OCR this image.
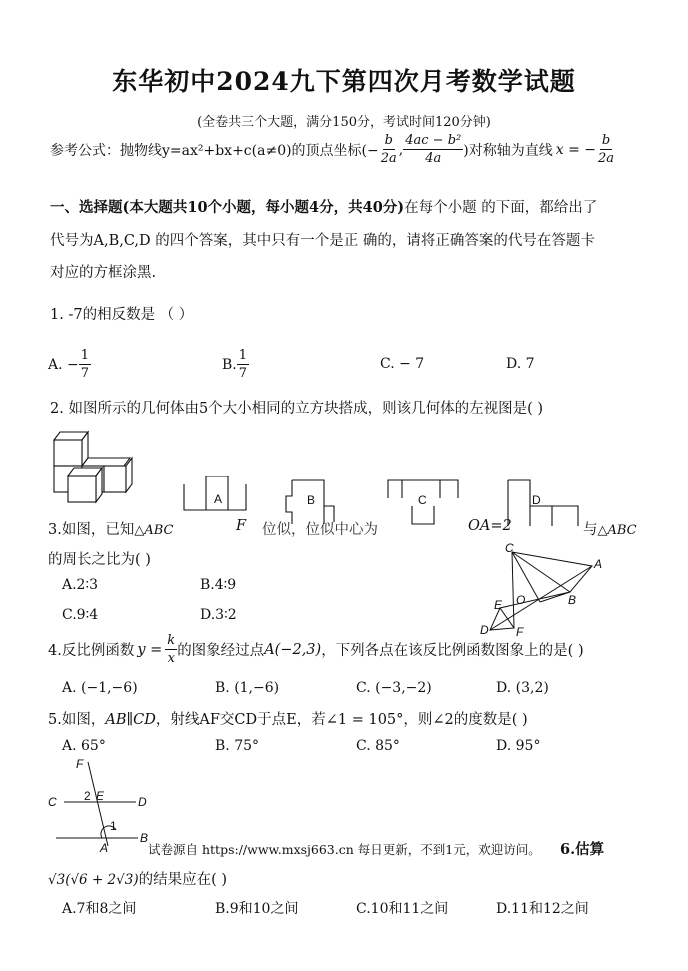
东华初中2024九下第四次月考数学试题
(全卷共三个大题，满分150分，考试时间120分钟)
参考公式： 抛物线y=ax²+bx+c(a≠0)的顶点坐标(− $\frac{b}{2a}$ , $\frac{\text{4ac − b²}}{4a}$ )对称轴为直线 x = − $\frac{b}{2a}$
一、选择题(本大题共10个小题，每小题4分，共40分)在每个小题 的下面，都给出了
代号为A,B,C,D 的四个答案，其中只有一个是正 确的，请将正确答案的代号在答题卡
对应的方框涂黑.
1. -7的相反数是 （ ）
A. − $\frac{1}{7}$	B. $\frac{1}{7}$	C. − 7	D. 7
2. 如图所示的几何体由5个大小相同的立方块搭成，则该几何体的左视图是( )
A	B	C	D
3.如图，已知△ABC	F 位似，位似中心为	OA=2	与△ABC
的周长之比为( )
A.2∶3	B.4∶9
C.9∶4	D.3∶2
C
A
O	B
E
F
D
4.反比例函数 $y = \frac{k}{x}$ 的图象经过点 A(−2,3) ，下列各点在该反比例函数图象上的是( )
A. (−1,−6)	B. (1,−6)	C. (−3,−2)	D. (3,2)
5.如图，AB∥CD，射线AF交CD于点E，若∠1 = 105°，则∠2的度数是( )
A. 65°	B. 75°	C. 85°	D. 95°
F
2 E
C	D
1
B
A	试卷源自 https://www.mxsj663.cn 每日更新，不到1元，欢迎访问。 6.估算
√3(√6 + 2√3)的结果应在( )
A.7和8之间	B.9和10之间	C.10和11之间	D.11和12之间
